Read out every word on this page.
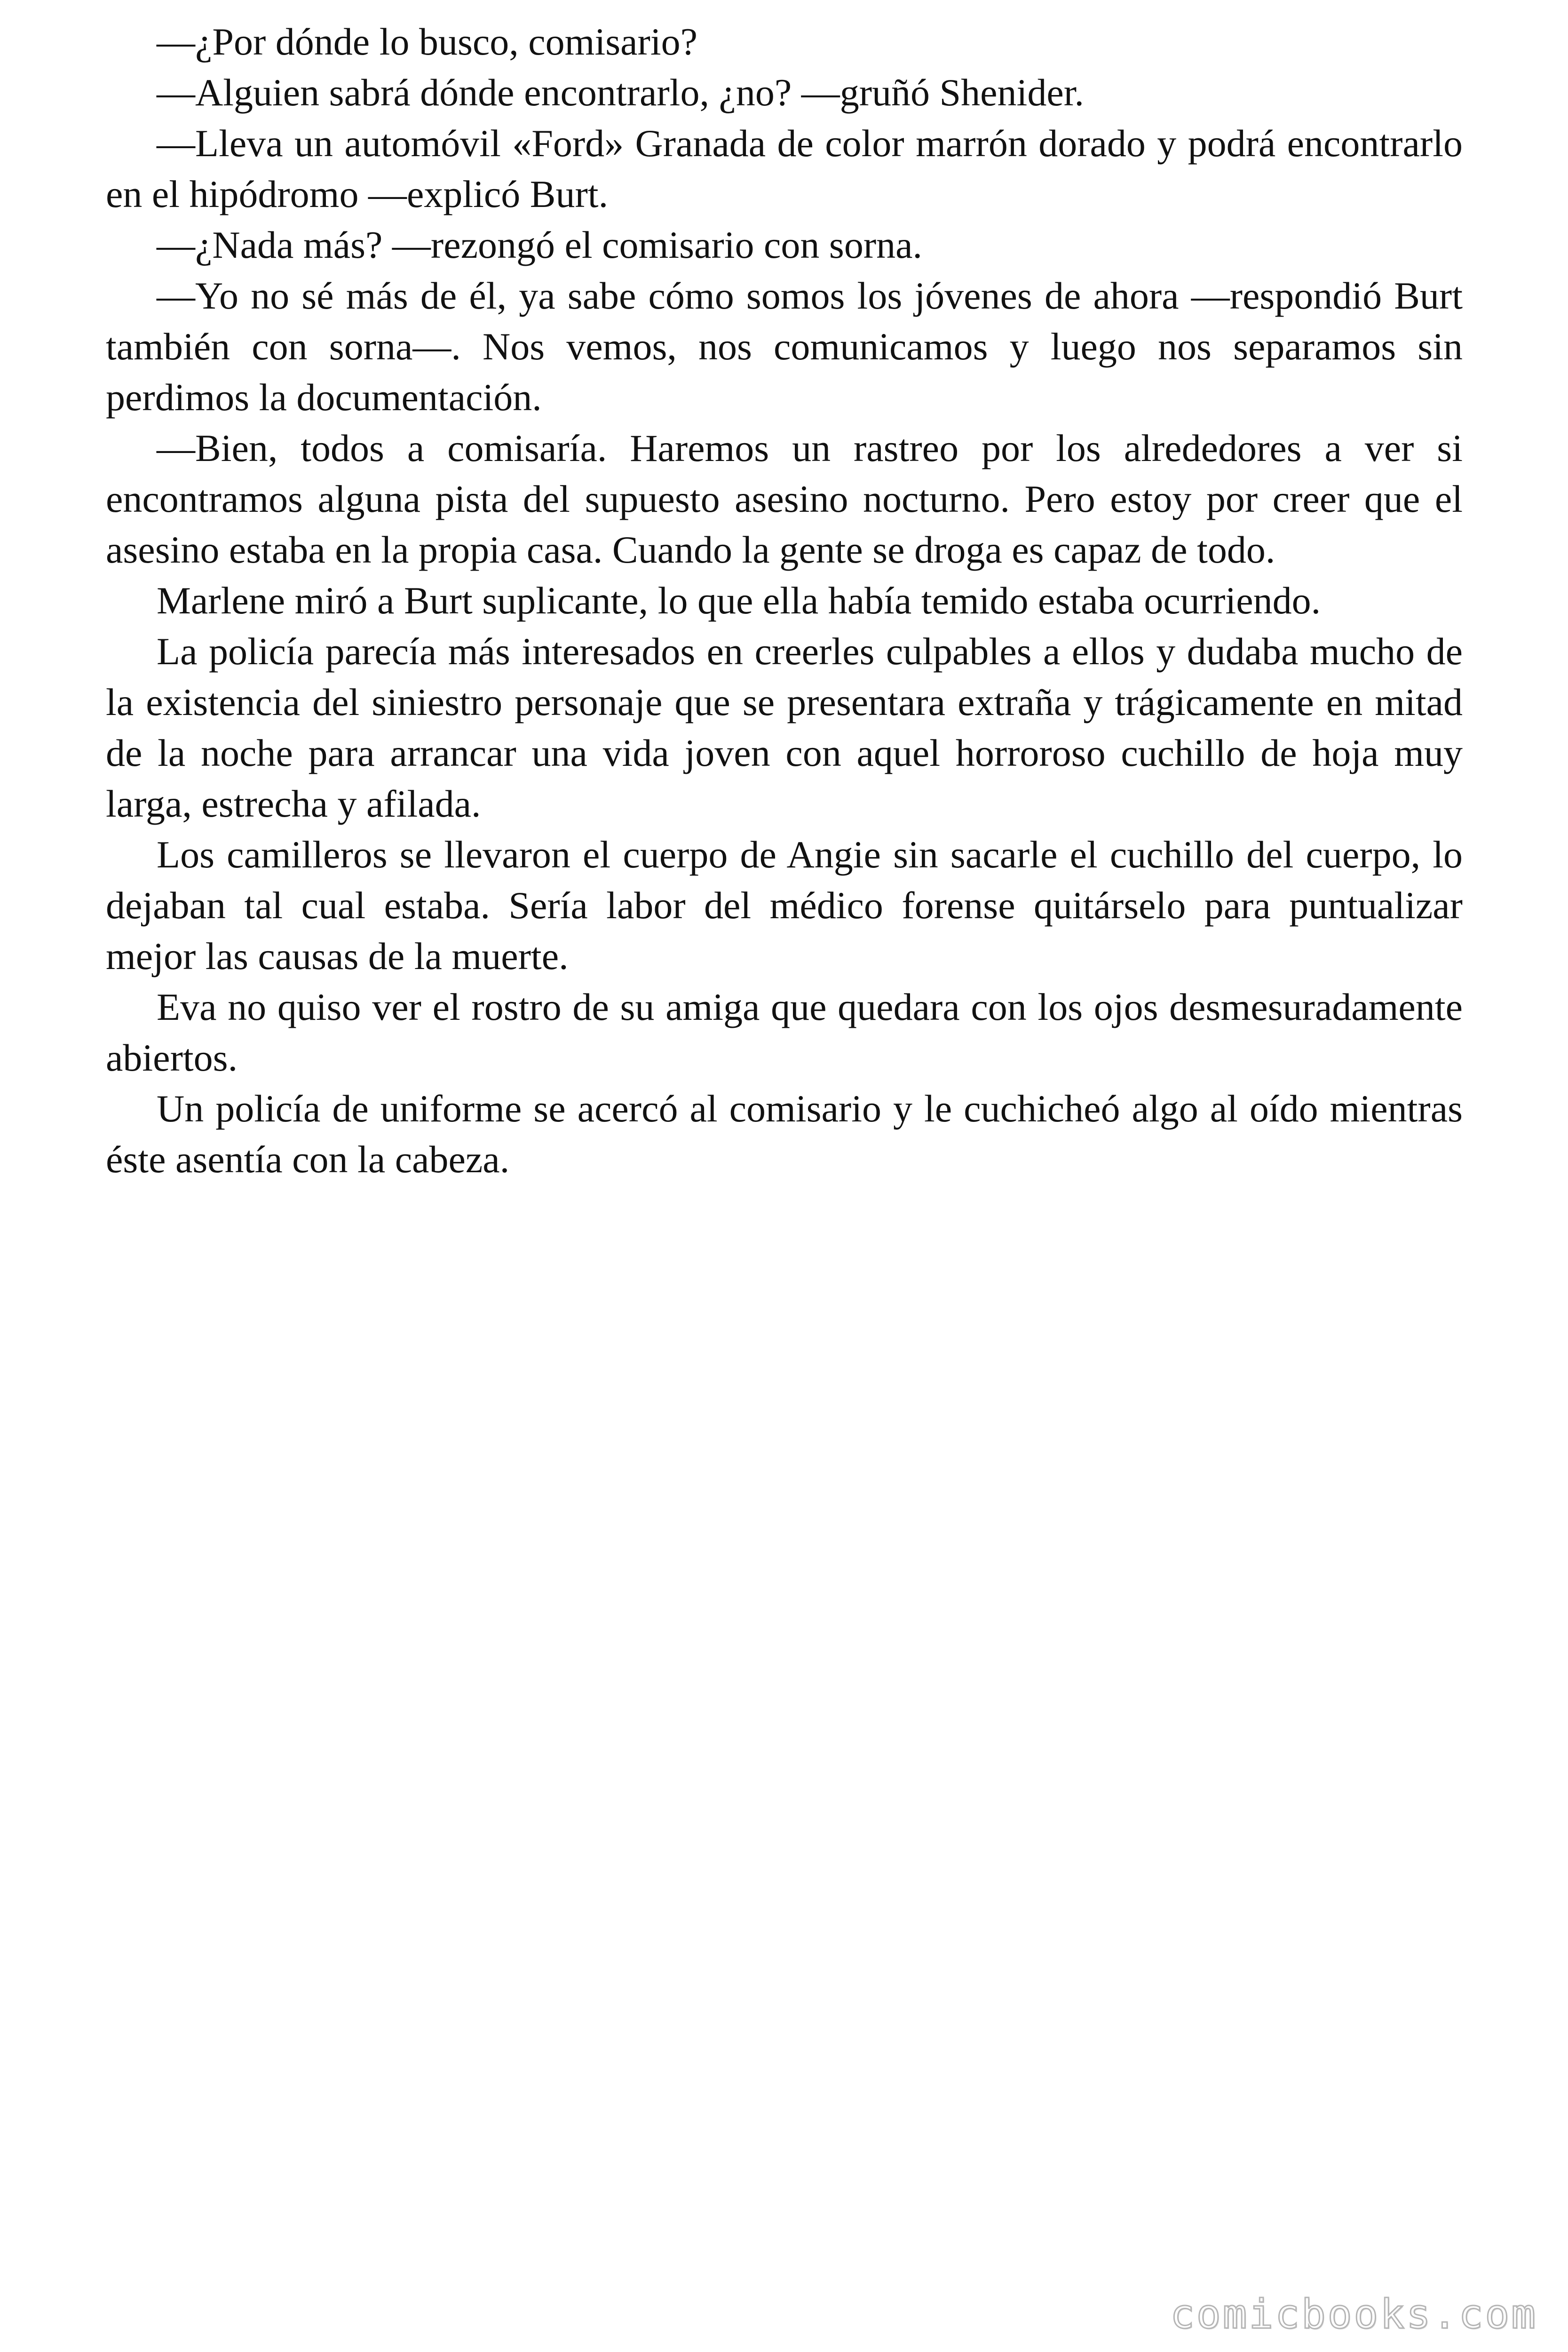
—¿Por dónde lo busco, comisario?

—Alguien sabrá dónde encontrarlo, ¿no? —gruñó Shenider.

—Lleva un automóvil «Ford» Granada de color marrón dorado y podrá encontrarlo en el hipódromo —explicó Burt.

—¿Nada más? —rezongó el comisario con sorna.

—Yo no sé más de él, ya sabe cómo somos los jóvenes de ahora —respondió Burt también con sorna—. Nos vemos, nos comunicamos y luego nos separamos sin perdimos la documentación.

—Bien, todos a comisaría. Haremos un rastreo por los alrededores a ver si encontramos alguna pista del supuesto asesino nocturno. Pero estoy por creer que el asesino estaba en la propia casa. Cuando la gente se droga es capaz de todo.

Marlene miró a Burt suplicante, lo que ella había temido estaba ocurriendo.

La policía parecía más interesados en creerles culpables a ellos y dudaba mucho de la existencia del siniestro personaje que se presentara extraña y trágicamente en mitad de la noche para arrancar una vida joven con aquel horroroso cuchillo de hoja muy larga, estrecha y afilada.

Los camilleros se llevaron el cuerpo de Angie sin sacarle el cuchillo del cuerpo, lo dejaban tal cual estaba. Sería labor del médico forense quitárselo para puntualizar mejor las causas de la muerte.

Eva no quiso ver el rostro de su amiga que quedara con los ojos desmesuradamente abiertos.

Un policía de uniforme se acercó al comisario y le cuchicheó algo al oído mientras éste asentía con la cabeza.

comicbooks.com
